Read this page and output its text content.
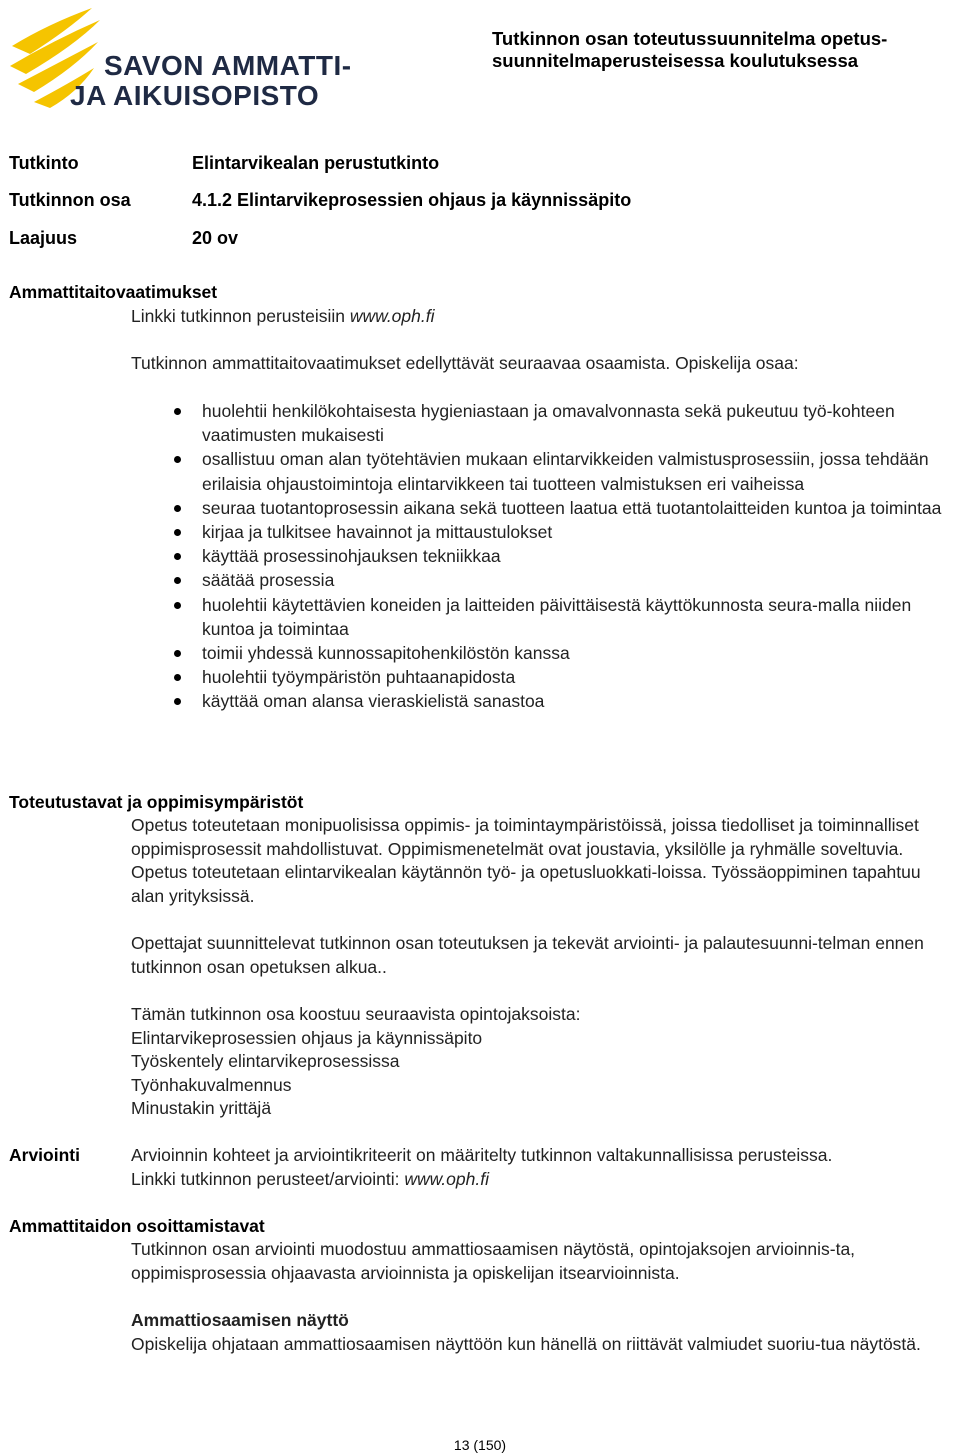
SAVON AMMATTI-
JA AIKUISOPISTO
Tutkinnon osan toteutussuunnitelma opetus-suunnitelmaperusteisessa koulutuksessa
Tutkinto	Elintarvikealan perustutkinto
Tutkinnon osa	4.1.2 Elintarvikeprosessien ohjaus ja käynnissäpito
Laajuus	20 ov
Ammattitaitovaatimukset
Linkki tutkinnon perusteisiin www.oph.fi
Tutkinnon ammattitaitovaatimukset edellyttävät seuraavaa osaamista. Opiskelija osaa:
huolehtii henkilökohtaisesta hygieniastaan ja omavalvonnasta sekä pukeutuu työ-kohteen vaatimusten mukaisesti
osallistuu oman alan työtehtävien mukaan elintarvikkeiden valmistusprosessiin, jossa tehdään erilaisia ohjaustoimintoja elintarvikkeen tai tuotteen valmistuksen eri vaiheissa
seuraa tuotantoprosessin aikana sekä tuotteen laatua että tuotantolaitteiden kuntoa ja toimintaa
kirjaa ja tulkitsee havainnot ja mittaustulokset
käyttää prosessinohjauksen tekniikkaa
säätää prosessia
huolehtii käytettävien koneiden ja laitteiden päivittäisestä käyttökunnosta seura-malla niiden kuntoa ja toimintaa
toimii yhdessä kunnossapitohenkilöstön kanssa
huolehtii työympäristön puhtaanapidosta
käyttää oman alansa vieraskielistä sanastoa
Toteutustavat ja oppimisympäristöt
Opetus toteutetaan monipuolisissa oppimis- ja toimintaympäristöissä, joissa tiedolliset ja toiminnalliset oppimisprosessit mahdollistuvat. Oppimismenetelmät ovat joustavia, yksilölle ja ryhmälle soveltuvia. Opetus toteutetaan elintarvikealan käytännön työ- ja opetusluokkati-loissa. Työssäoppiminen tapahtuu alan yrityksissä.
Opettajat suunnittelevat tutkinnon osan toteutuksen ja tekevät arviointi- ja palautesuunni-telman ennen tutkinnon osan opetuksen alkua..
Tämän tutkinnon osa koostuu seuraavista opintojaksoista:
Elintarvikeprosessien ohjaus ja käynnissäpito
Työskentely elintarvikeprosessissa
Työnhakuvalmennus
Minustakin yrittäjä
Arviointi	Arvioinnin kohteet ja arviointikriteerit on määritelty tutkinnon valtakunnallisissa perusteissa.
Linkki tutkinnon perusteet/arviointi: www.oph.fi
Ammattitaidon osoittamistavat
Tutkinnon osan arviointi muodostuu ammattiosaamisen näytöstä, opintojaksojen arvioinnis-ta, oppimisprosessia ohjaavasta arvioinnista ja opiskelijan itsearvioinnista.
Ammattiosaamisen näyttö
Opiskelija ohjataan ammattiosaamisen näyttöön kun hänellä on riittävät valmiudet suoriu-tua näytöstä.
13 (150)
